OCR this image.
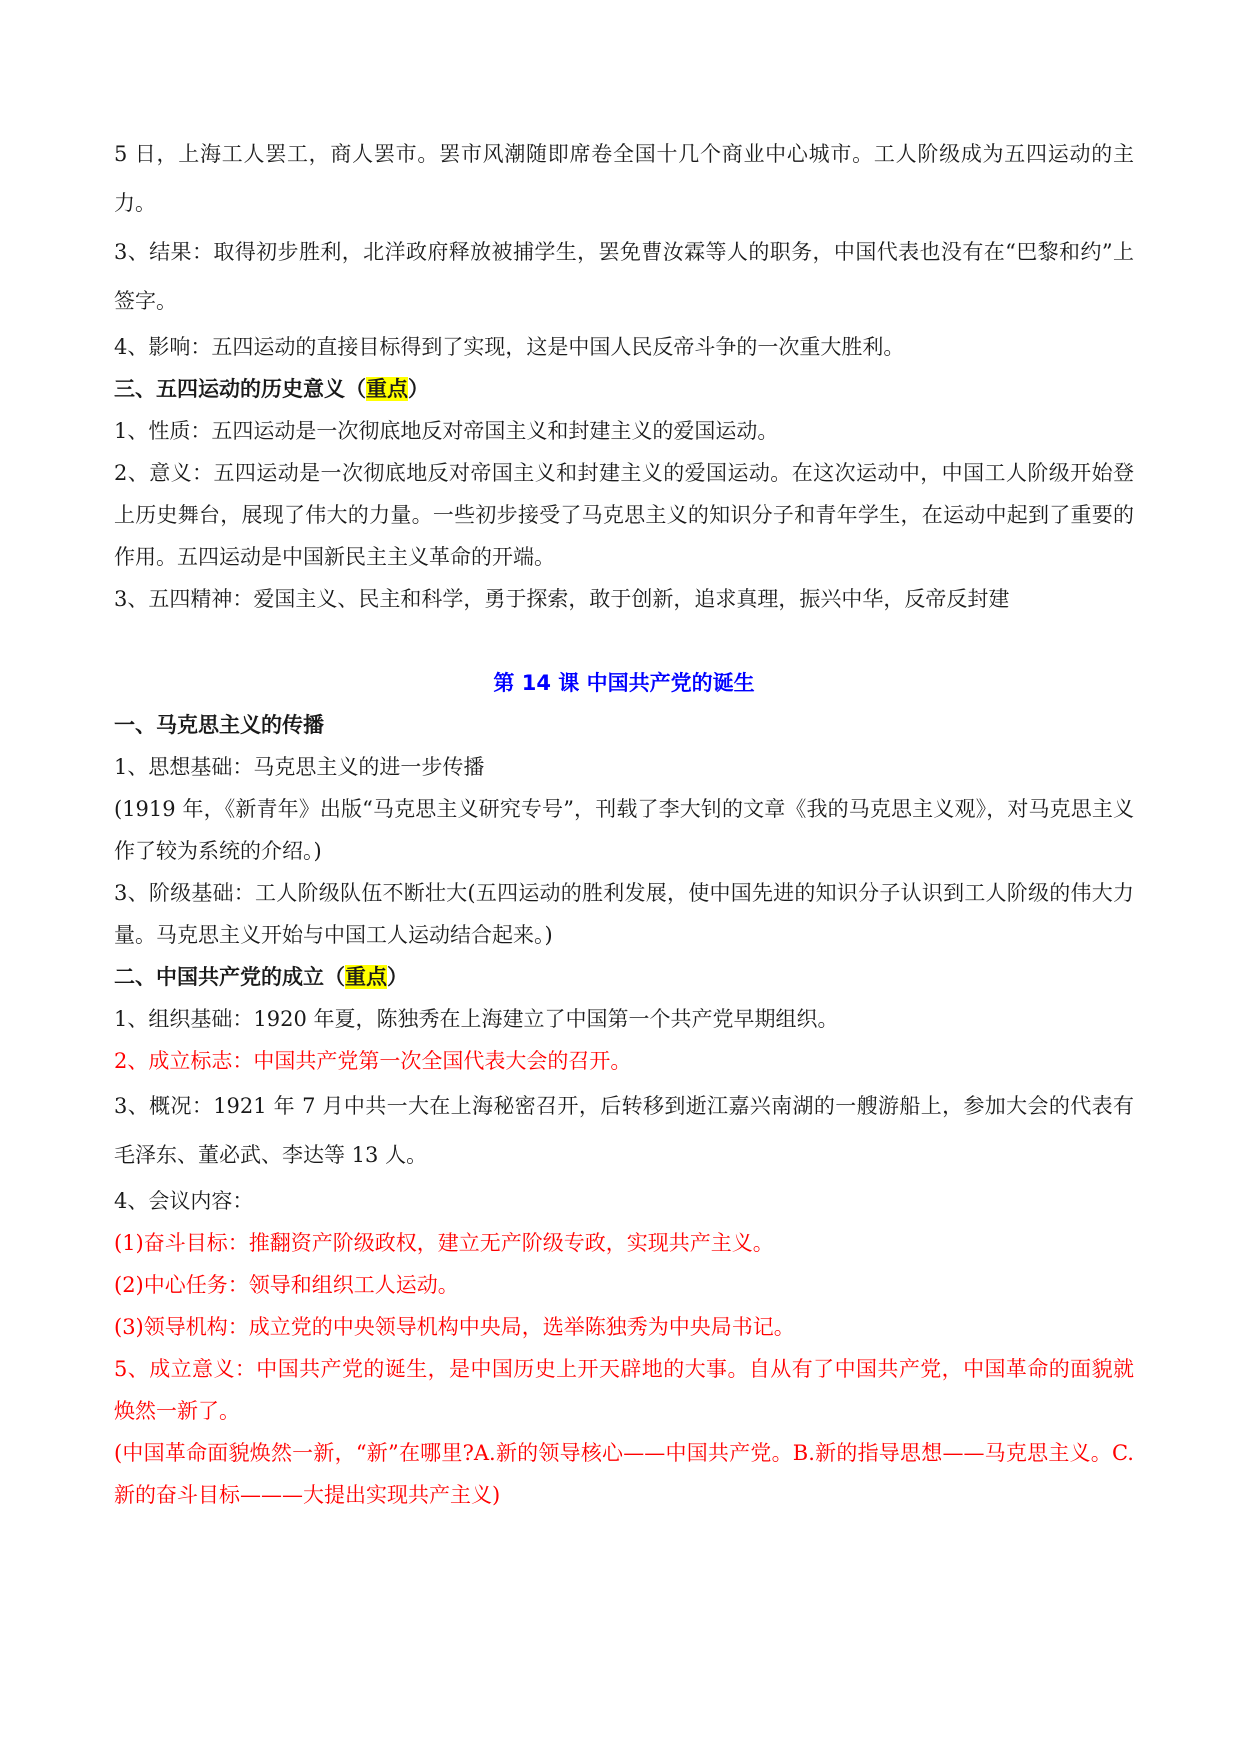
5 日，上海工人罢工，商人罢市。罢市风潮随即席卷全国十几个商业中心城市。工人阶级成为五四运动的主力。

3、结果：取得初步胜利，北洋政府释放被捕学生，罢免曹汝霖等人的职务，中国代表也没有在“巴黎和约”上签字。

4、影响：五四运动的直接目标得到了实现，这是中国人民反帝斗争的一次重大胜利。

三、五四运动的历史意义（重点）

1、性质：五四运动是一次彻底地反对帝国主义和封建主义的爱国运动。

2、意义：五四运动是一次彻底地反对帝国主义和封建主义的爱国运动。在这次运动中，中国工人阶级开始登上历史舞台，展现了伟大的力量。一些初步接受了马克思主义的知识分子和青年学生，在运动中起到了重要的作用。五四运动是中国新民主主义革命的开端。

3、五四精神：爱国主义、民主和科学，勇于探索，敢于创新，追求真理，振兴中华，反帝反封建

第 14 课 中国共产党的诞生

一、马克思主义的传播

1、思想基础：马克思主义的进一步传播

(1919 年，《新青年》出版“马克思主义研究专号”，刊载了李大钊的文章《我的马克思主义观》，对马克思主义作了较为系统的介绍。)

3、阶级基础：工人阶级队伍不断壮大(五四运动的胜利发展，使中国先进的知识分子认识到工人阶级的伟大力量。马克思主义开始与中国工人运动结合起来。)

二、中国共产党的成立（重点）

1、组织基础：1920 年夏，陈独秀在上海建立了中国第一个共产党早期组织。

2、成立标志：中国共产党第一次全国代表大会的召开。

3、概况：1921 年 7 月中共一大在上海秘密召开，后转移到逝江嘉兴南湖的一艘游船上，参加大会的代表有毛泽东、董必武、李达等 13 人。

4、会议内容：

(1)奋斗目标：推翻资产阶级政权，建立无产阶级专政，实现共产主义。

(2)中心任务：领导和组织工人运动。

(3)领导机构：成立党的中央领导机构中央局，选举陈独秀为中央局书记。

5、成立意义：中国共产党的诞生，是中国历史上开天辟地的大事。自从有了中国共产党，中国革命的面貌就焕然一新了。

(中国革命面貌焕然一新，“新”在哪里?A.新的领导核心——中国共产党。B.新的指导思想——马克思主义。C.新的奋斗目标———大提出实现共产主义)
